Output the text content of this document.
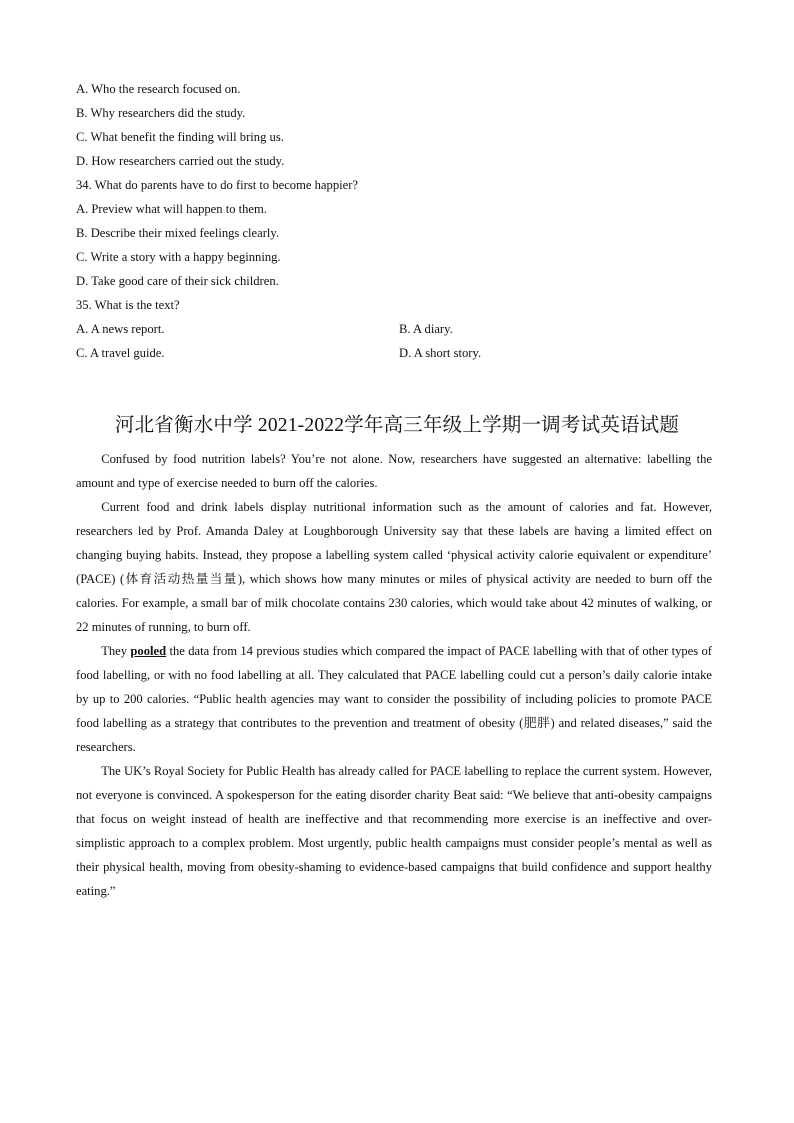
A. Who the research focused on.
B. Why researchers did the study.
C. What benefit the finding will bring us.
D. How researchers carried out the study.
34. What do parents have to do first to become happier?
A. Preview what will happen to them.
B. Describe their mixed feelings clearly.
C. Write a story with a happy beginning.
D. Take good care of their sick children.
35. What is the text?
A. A news report.	B. A diary.
C. A travel guide.	D. A short story.
河北省衡水中学 2021-2022学年高三年级上学期一调考试英语试题

Confused by food nutrition labels? You’re not alone. Now, researchers have suggested an alternative: labelling the amount and type of exercise needed to burn off the calories.

Current food and drink labels display nutritional information such as the amount of calories and fat. However, researchers led by Prof. Amanda Daley at Loughborough University say that these labels are having a limited effect on changing buying habits. Instead, they propose a labelling system called ‘physical activity calorie equivalent or expenditure’ (PACE) (体育活动热量当量), which shows how many minutes or miles of physical activity are needed to burn off the calories. For example, a small bar of milk chocolate contains 230 calories, which would take about 42 minutes of walking, or 22 minutes of running, to burn off.

They pooled the data from 14 previous studies which compared the impact of PACE labelling with that of other types of food labelling, or with no food labelling at all. They calculated that PACE labelling could cut a person’s daily calorie intake by up to 200 calories. “Public health agencies may want to consider the possibility of including policies to promote PACE food labelling as a strategy that contributes to the prevention and treatment of obesity (肥胖) and related diseases,” said the researchers.

The UK’s Royal Society for Public Health has already called for PACE labelling to replace the current system. However, not everyone is convinced. A spokesperson for the eating disorder charity Beat said: “We believe that anti-obesity campaigns that focus on weight instead of health are ineffective and that recommending more exercise is an ineffective and over-simplistic approach to a complex problem. Most urgently, public health campaigns must consider people’s mental as well as their physical health, moving from obesity-shaming to evidence-based campaigns that build confidence and support healthy eating.”
